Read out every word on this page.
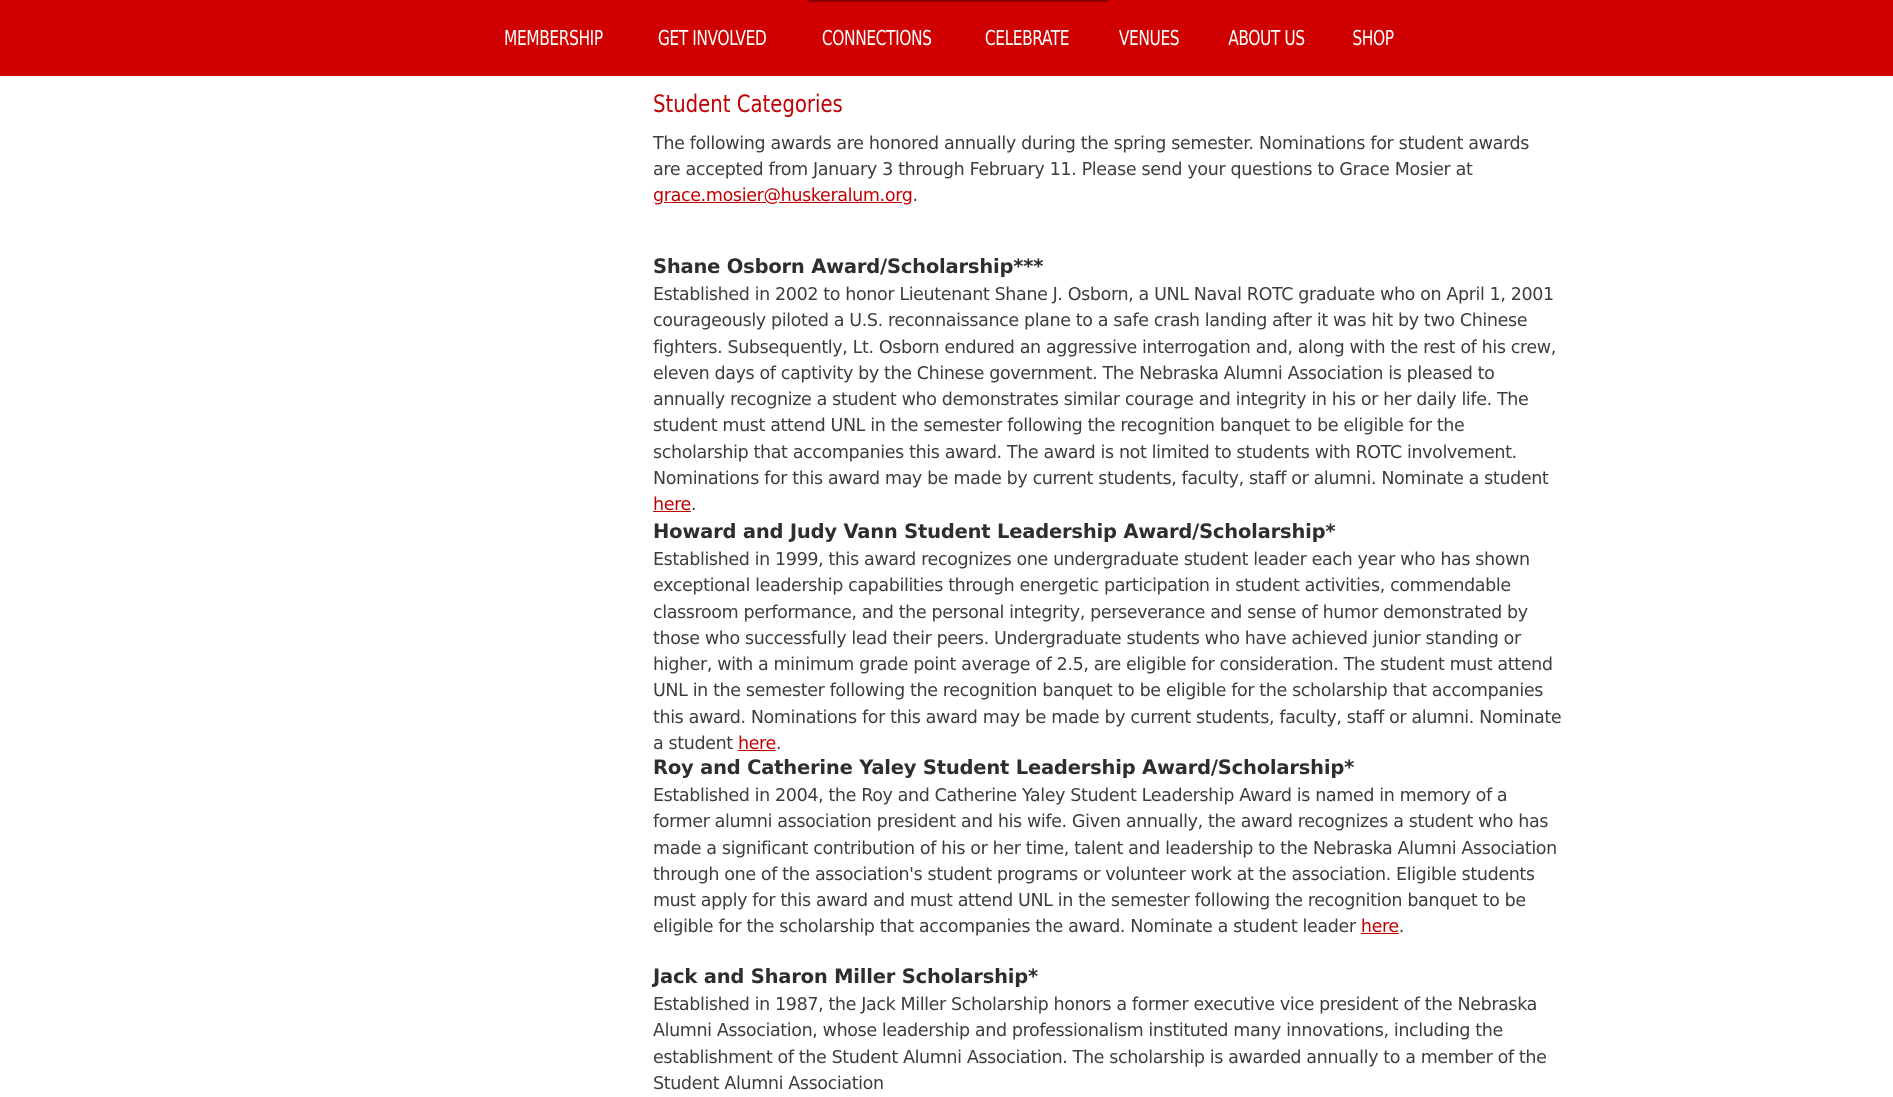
MEMBERSHIP	GET INVOLVED	CONNECTIONS	CELEBRATE	VENUES	ABOUT US	SHOP
Student Categories

The following awards are honored annually during the spring semester. Nominations for student awards are accepted from January 3 through February 11. Please send your questions to Grace Mosier at grace.mosier@huskeralum.org.

Shane Osborn Award/Scholarship***

Established in 2002 to honor Lieutenant Shane J. Osborn, a UNL Naval ROTC graduate who on April 1, 2001 courageously piloted a U.S. reconnaissance plane to a safe crash landing after it was hit by two Chinese fighters. Subsequently, Lt. Osborn endured an aggressive interrogation and, along with the rest of his crew, eleven days of captivity by the Chinese government. The Nebraska Alumni Association is pleased to annually recognize a student who demonstrates similar courage and integrity in his or her daily life. The student must attend UNL in the semester following the recognition banquet to be eligible for the scholarship that accompanies this award. The award is not limited to students with ROTC involvement. Nominations for this award may be made by current students, faculty, staff or alumni. Nominate a student here.

Howard and Judy Vann Student Leadership Award/Scholarship*

Established in 1999, this award recognizes one undergraduate student leader each year who has shown exceptional leadership capabilities through energetic participation in student activities, commendable classroom performance, and the personal integrity, perseverance and sense of humor demonstrated by those who successfully lead their peers. Undergraduate students who have achieved junior standing or higher, with a minimum grade point average of 2.5, are eligible for consideration. The student must attend UNL in the semester following the recognition banquet to be eligible for the scholarship that accompanies this award. Nominations for this award may be made by current students, faculty, staff or alumni. Nominate a student here.

Roy and Catherine Yaley Student Leadership Award/Scholarship*

Established in 2004, the Roy and Catherine Yaley Student Leadership Award is named in memory of a former alumni association president and his wife. Given annually, the award recognizes a student who has made a significant contribution of his or her time, talent and leadership to the Nebraska Alumni Association through one of the association's student programs or volunteer work at the association. Eligible students must apply for this award and must attend UNL in the semester following the recognition banquet to be eligible for the scholarship that accompanies the award. Nominate a student leader here.

Jack and Sharon Miller Scholarship*

Established in 1987, the Jack Miller Scholarship honors a former executive vice president of the Nebraska Alumni Association, whose leadership and professionalism instituted many innovations, including the establishment of the Student Alumni Association. The scholarship is awarded annually to a member of the Student Alumni Association
